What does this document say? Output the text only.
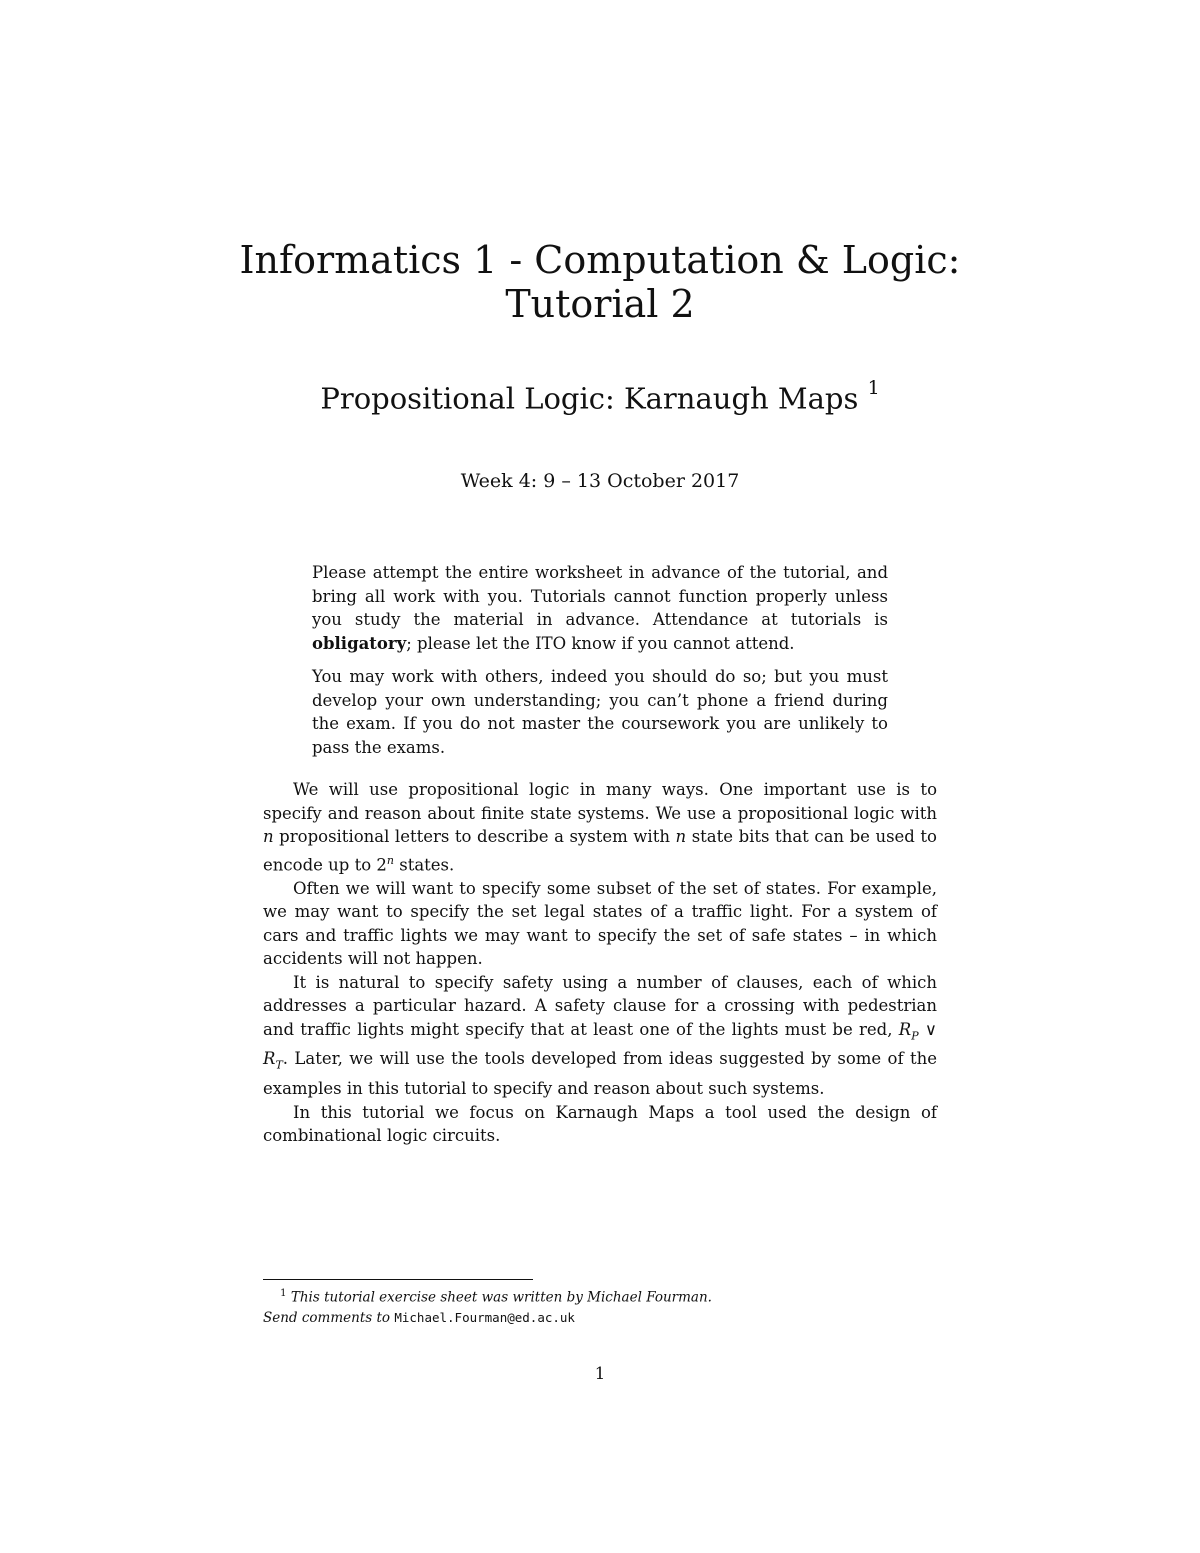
Informatics 1 - Computation & Logic:
Tutorial 2
Propositional Logic: Karnaugh Maps $^1$
Week 4: 9 – 13 October 2017

Please attempt the entire worksheet in advance of the tutorial, and bring all work with you. Tutorials cannot function properly unless you study the material in advance. Attendance at tutorials is obligatory; please let the ITO know if you cannot attend.

You may work with others, indeed you should do so; but you must develop your own understanding; you can’t phone a friend during the exam. If you do not master the coursework you are unlikely to pass the exams.

We will use propositional logic in many ways. One important use is to specify and reason about finite state systems. We use a propositional logic with n propositional letters to describe a system with n state bits that can be used to encode up to 2$^n$ states.

Often we will want to specify some subset of the set of states. For example, we may want to specify the set legal states of a traffic light. For a system of cars and traffic lights we may want to specify the set of safe states – in which accidents will not happen.

It is natural to specify safety using a number of clauses, each of which addresses a particular hazard. A safety clause for a crossing with pedestrian and traffic lights might specify that at least one of the lights must be red, $R_P$ ∨ $R_T$. Later, we will use the tools developed from ideas suggested by some of the examples in this tutorial to specify and reason about such systems.

In this tutorial we focus on Karnaugh Maps a tool used the design of combinational logic circuits.

$^1$ This tutorial exercise sheet was written by Michael Fourman.
Send comments to Michael.Fourman@ed.ac.uk
1
